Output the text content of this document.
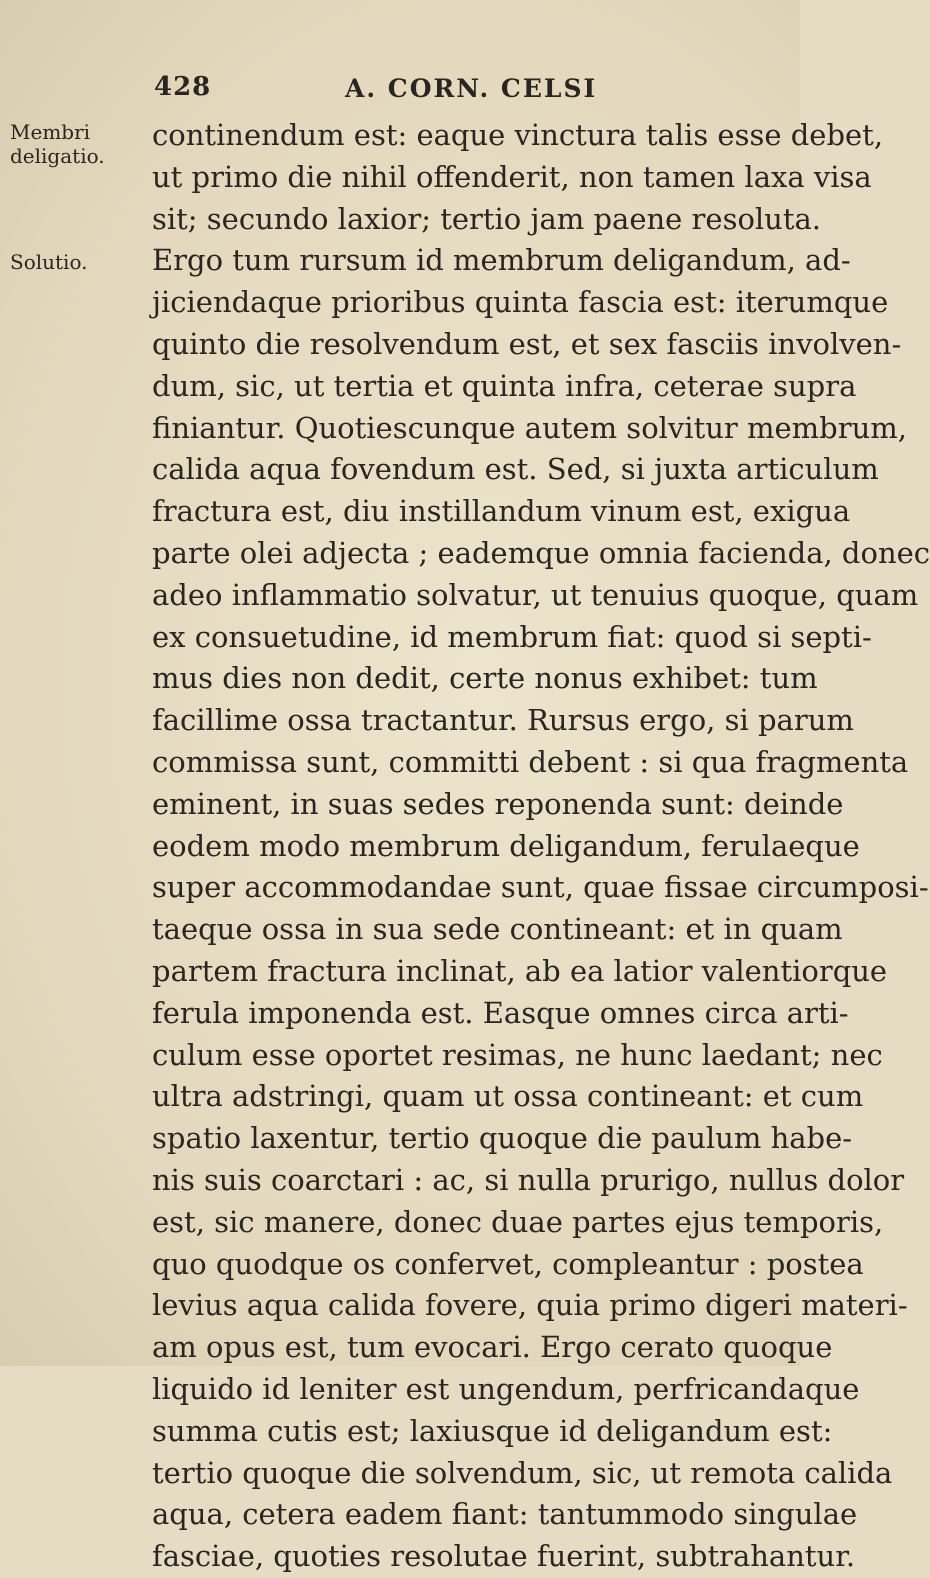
428	A. CORN. CELSI
Membri deligatio.
Solutio.
continendum est: eaque vinctura talis esse debet,
ut primo die nihil offenderit, non tamen laxa visa
sit; secundo laxior; tertio jam paene resoluta.
Ergo tum rursum id membrum deligandum, ad-
jiciendaque prioribus quinta fascia est: iterumque
quinto die resolvendum est, et sex fasciis involven-
dum, sic, ut tertia et quinta infra, ceterae supra
finiantur. Quotiescunque autem solvitur membrum,
calida aqua fovendum est. Sed, si juxta articulum
fractura est, diu instillandum vinum est, exigua
parte olei adjecta ; eademque omnia facienda, donec
adeo inflammatio solvatur, ut tenuius quoque, quam
ex consuetudine, id membrum fiat: quod si septi-
mus dies non dedit, certe nonus exhibet: tum
facillime ossa tractantur. Rursus ergo, si parum
commissa sunt, committi debent : si qua fragmenta
eminent, in suas sedes reponenda sunt: deinde
eodem modo membrum deligandum, ferulaeque
super accommodandae sunt, quae fissae circumposi-
taeque ossa in sua sede contineant: et in quam
partem fractura inclinat, ab ea latior valentiorque
ferula imponenda est. Easque omnes circa arti-
culum esse oportet resimas, ne hunc laedant; nec
ultra adstringi, quam ut ossa contineant: et cum
spatio laxentur, tertio quoque die paulum habe-
nis suis coarctari : ac, si nulla prurigo, nullus dolor
est, sic manere, donec duae partes ejus temporis,
quo quodque os confervet, compleantur : postea
levius aqua calida fovere, quia primo digeri materi-
am opus est, tum evocari. Ergo cerato quoque
liquido id leniter est ungendum, perfricandaque
summa cutis est; laxiusque id deligandum est:
tertio quoque die solvendum, sic, ut remota calida
aqua, cetera eadem fiant: tantummodo singulae
fasciae, quoties resolutae fuerint, subtrahantur.
